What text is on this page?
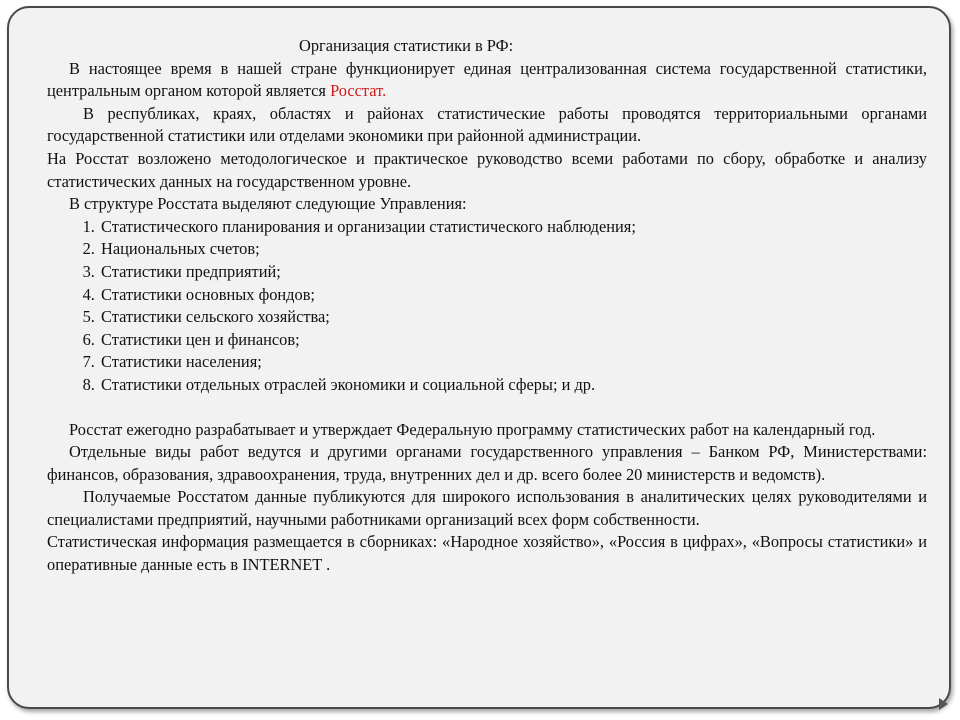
Организация статистики в РФ:

В настоящее время в нашей стране функционирует единая централизованная система государственной статистики, центральным органом которой является Росстат.

В республиках, краях, областях и районах статистические работы проводятся территориальными органами государственной статистики или отделами экономики при районной администрации.

На Росстат возложено методологическое и практическое руководство всеми работами по сбору, обработке и анализу статистических данных на государственном уровне.

В структуре Росстата выделяют следующие Управления:

1. Статистического планирования и организации статистического наблюдения;
2. Национальных счетов;
3. Статистики предприятий;
4. Статистики основных фондов;
5. Статистики сельского хозяйства;
6. Статистики цен и финансов;
7. Статистики населения;
8. Статистики отдельных отраслей экономики и социальной сферы; и др.

Росстат ежегодно разрабатывает и утверждает Федеральную программу статистических работ на календарный год.

Отдельные виды работ ведутся и другими органами государственного управления – Банком РФ, Министерствами: финансов, образования, здравоохранения, труда, внутренних дел и др. всего более 20 министерств и ведомств).

Получаемые Росстатом данные публикуются для широкого использования в аналитических целях руководителями и специалистами предприятий, научными работниками организаций всех форм собственности.

Статистическая информация размещается в сборниках: «Народное хозяйство», «Россия в цифрах», «Вопросы статистики» и оперативные данные есть в INTERNET .
